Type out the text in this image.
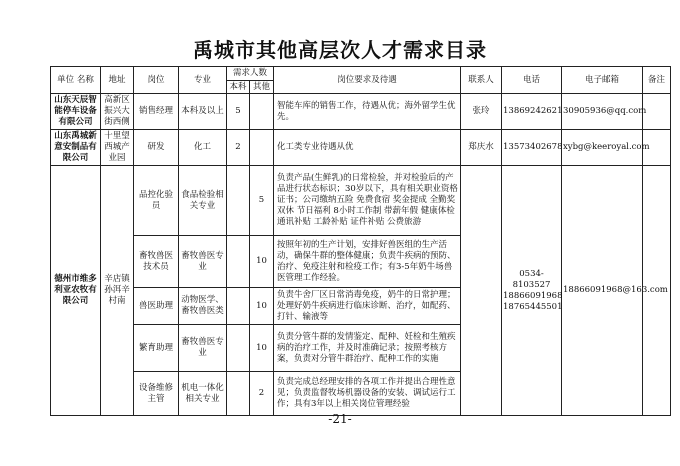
禹城市其他高层次人才需求目录
单位 名称	地址	岗位	专业	需求人数		岗位要求及待遇	联系人	电话	电子邮箱	备注
				本科	其他					
山东天辰智能停车设备有限公司	高新区振兴大街西侧	销售经理	本科及以上	5		智能车库的销售工作，待遇从优；海外留学生优先。	张玲	13869242621	30905936@qq.com	
山东禹城新意安制品有限公司	十里望西城产业园	研发	化工	2		化工类专业待遇从优	郑庆水	13573402678	xybg@keeroyal.com	
德州市维多利亚农牧有限公司	辛店镇孙洱辛村南	品控化验员	食品检验相关专业		5	负责产品(生鲜乳)的日常检验，并对检验后的产品进行状态标识；30岁以下，具有相关职业资格证书；公司缴纳五险 免费食宿 奖金提成 全勤奖 双休 节日福利 8小时工作制 带薪年假 健康体检 通讯补贴 工龄补贴 证件补贴 公费旅游		0534-8103527 18866091968 18765445501	18866091968@163.com	
		畜牧兽医技术员	畜牧兽医专业		10	按照年初的生产计划，安排好兽医组的生产活动，确保牛群的整体健康；负责牛疾病的预防、治疗、免疫注射和检疫工作；有3-5年奶牛场兽医管理工作经验。				
		兽医助理	动物医学、畜牧兽医类		10	负责牛舍厂区日常消毒免疫，奶牛的日常护理；处理好奶牛疾病进行临床诊断、治疗，如配药、打针、输液等				
		繁育助理	畜牧兽医专业		10	负责分管牛群的发情鉴定、配种、妊检和生殖疾病的治疗工作，并及时准确记录；按照考核方案，负责对分管牛群治疗、配种工作的实施				
		设备维修主管	机电一体化相关专业		2	负责完成总经理安排的各项工作并提出合理性意见；负责监督牧场机器设备的安装、调试运行工作；具有3年以上相关岗位管理经验				
-21-
